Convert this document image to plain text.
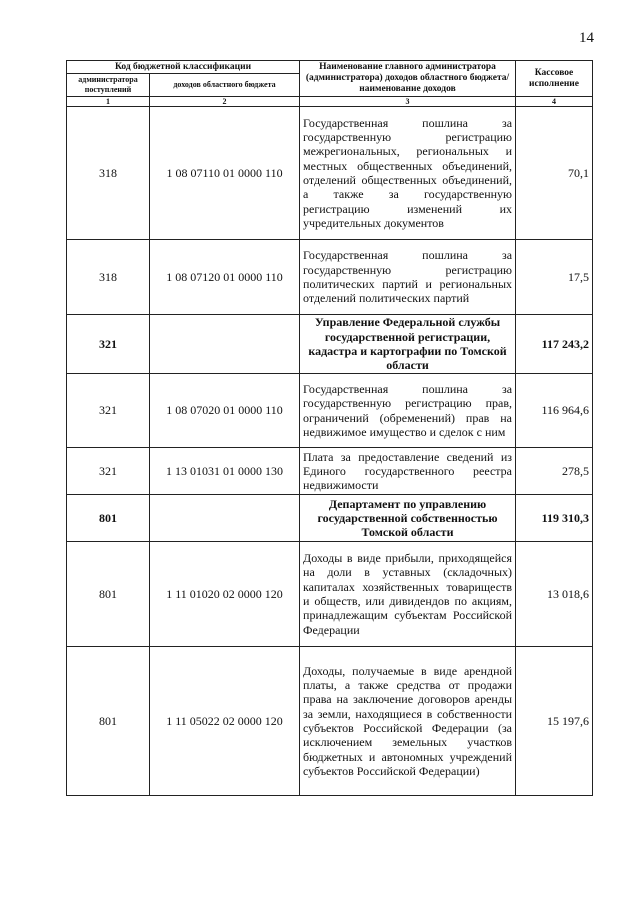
14
Код бюджетной классификации		Наименование главного администратора (администратора) доходов областного бюджета/ наименование доходов	Кассовое исполнение
администратора поступлений	доходов областного бюджета		
1	2	3	4
318	1 08 07110 01 0000 110	Государственная пошлина за государственную регистрацию межрегиональных, региональных и местных общественных объединений, отделений общественных объединений, а также за государственную регистрацию изменений их учредительных документов	70,1
318	1 08 07120 01 0000 110	Государственная пошлина за государственную регистрацию политических партий и региональных отделений политических партий	17,5
321		Управление Федеральной службы государственной регистрации, кадастра и картографии по Томской области	117 243,2
321	1 08 07020 01 0000 110	Государственная пошлина за государственную регистрацию прав, ограничений (обременений) прав на недвижимое имущество и сделок с ним	116 964,6
321	1 13 01031 01 0000 130	Плата за предоставление сведений из Единого государственного реестра недвижимости	278,5
801		Департамент по управлению государственной собственностью Томской области	119 310,3
801	1 11 01020 02 0000 120	Доходы в виде прибыли, приходящейся на доли в уставных (складочных) капиталах хозяйственных товариществ и обществ, или дивидендов по акциям, принадлежащим субъектам Российской Федерации	13 018,6
801	1 11 05022 02 0000 120	Доходы, получаемые в виде арендной платы, а также средства от продажи права на заключение договоров аренды за земли, находящиеся в собственности субъектов Российской Федерации (за исключением земельных участков бюджетных и автономных учреждений субъектов Российской Федерации)	15 197,6
